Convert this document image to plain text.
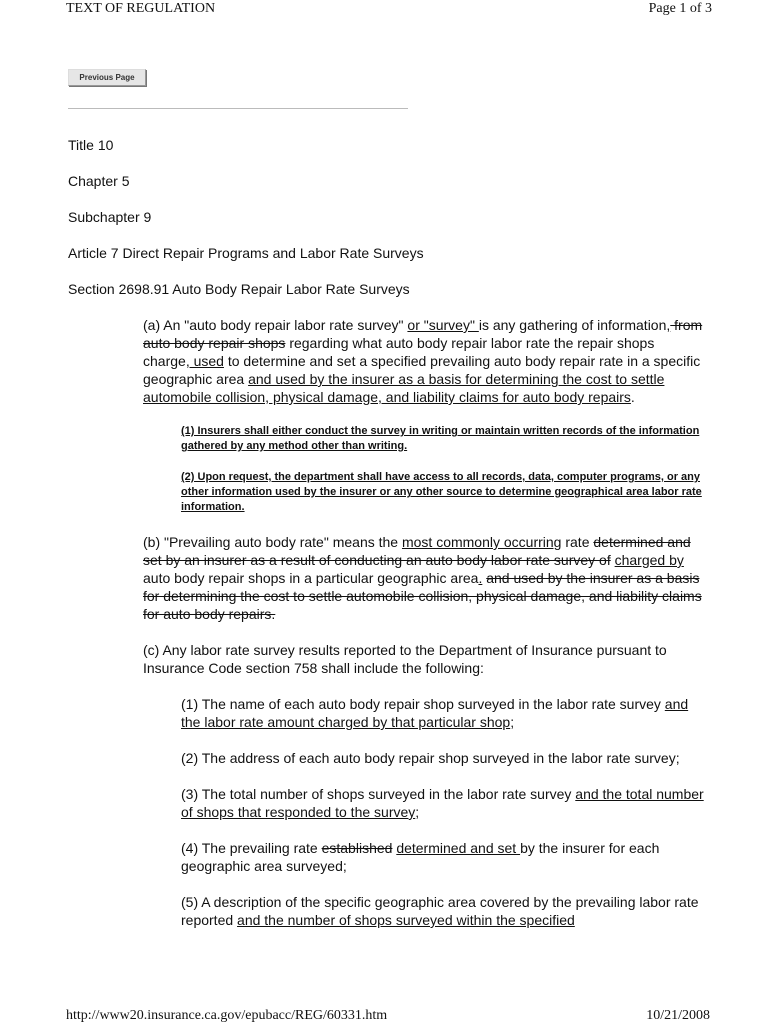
TEXT OF REGULATION	Page 1 of 3
Previous Page

Title 10

Chapter 5

Subchapter 9

Article 7 Direct Repair Programs and Labor Rate Surveys

Section 2698.91 Auto Body Repair Labor Rate Surveys

(a) An "auto body repair labor rate survey" or "survey" is any gathering of information, from auto body repair shops regarding what auto body repair labor rate the repair shops charge, used to determine and set a specified prevailing auto body repair rate in a specific geographic area and used by the insurer as a basis for determining the cost to settle automobile collision, physical damage, and liability claims for auto body repairs.

(1) Insurers shall either conduct the survey in writing or maintain written records of the information gathered by any method other than writing.

(2) Upon request, the department shall have access to all records, data, computer programs, or any other information used by the insurer or any other source to determine geographical area labor rate information.

(b) "Prevailing auto body rate" means the most commonly occurring rate determined and set by an insurer as a result of conducting an auto body labor rate survey of charged by auto body repair shops in a particular geographic area. and used by the insurer as a basis for determining the cost to settle automobile collision, physical damage, and liability claims for auto body repairs.

(c) Any labor rate survey results reported to the Department of Insurance pursuant to Insurance Code section 758 shall include the following:

(1) The name of each auto body repair shop surveyed in the labor rate survey and the labor rate amount charged by that particular shop;

(2) The address of each auto body repair shop surveyed in the labor rate survey;

(3) The total number of shops surveyed in the labor rate survey and the total number of shops that responded to the survey;

(4) The prevailing rate established determined and set by the insurer for each geographic area surveyed;

(5) A description of the specific geographic area covered by the prevailing labor rate reported and the number of shops surveyed within the specified

http://www20.insurance.ca.gov/epubacc/REG/60331.htm	10/21/2008
